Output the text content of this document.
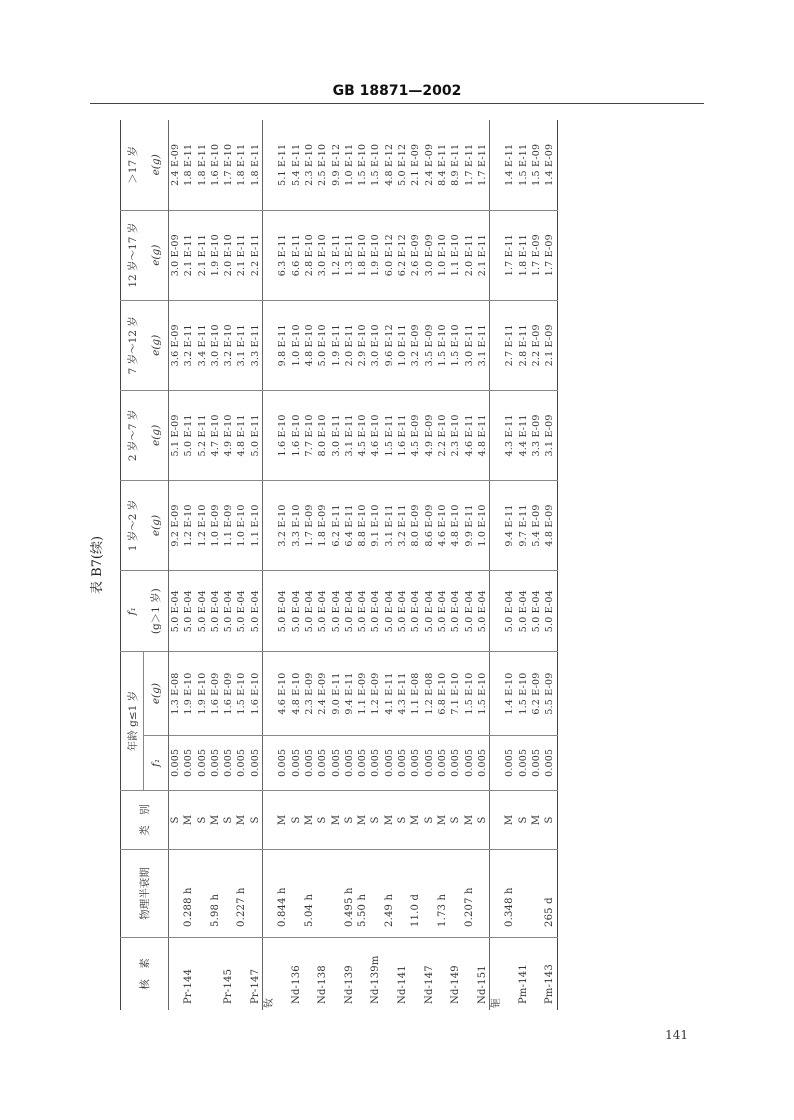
GB 18871—2002
表 B7(续)
核　素	物理半衰期	类　别	年龄 g≤1 岁		f₁	1 岁～2 岁	2 岁～7 岁	7 岁～12 岁	12 岁～17 岁	＞17 岁
			f₁	e(g)	(g＞1 岁)	e(g)	e(g)	e(g)	e(g)	e(g)
		S	0.005	1.3 E-08	5.0 E-04	9.2 E-09	5.1 E-09	3.6 E-09	3.0 E-09	2.4 E-09
Pr-144	0.288 h	M	0.005	1.9 E-10	5.0 E-04	1.2 E-10	5.0 E-11	3.2 E-11	2.1 E-11	1.8 E-11
		S	0.005	1.9 E-10	5.0 E-04	1.2 E-10	5.2 E-11	3.4 E-11	2.1 E-11	1.8 E-11
	5.98 h	M	0.005	1.6 E-09	5.0 E-04	1.0 E-09	4.7 E-10	3.0 E-10	1.9 E-10	1.6 E-10
Pr-145		S	0.005	1.6 E-09	5.0 E-04	1.1 E-09	4.9 E-10	3.2 E-10	2.0 E-10	1.7 E-10
	0.227 h	M	0.005	1.5 E-10	5.0 E-04	1.0 E-10	4.8 E-11	3.1 E-11	2.1 E-11	1.8 E-11
Pr-147		S	0.005	1.6 E-10	5.0 E-04	1.1 E-10	5.0 E-11	3.3 E-11	2.2 E-11	1.8 E-11
钕										
	0.844 h	M	0.005	4.6 E-10	5.0 E-04	3.2 E-10	1.6 E-10	9.8 E-11	6.3 E-11	5.1 E-11
Nd-136		S	0.005	4.8 E-10	5.0 E-04	3.3 E-10	1.6 E-10	1.0 E-10	6.6 E-11	5.4 E-11
	5.04 h	M	0.005	2.3 E-09	5.0 E-04	1.7 E-09	7.7 E-10	4.8 E-10	2.8 E-10	2.3 E-10
Nd-138		S	0.005	2.4 E-09	5.0 E-04	1.8 E-09	8.0 E-10	5.0 E-10	3.0 E-10	2.5 E-10
		M	0.005	9.0 E-11	5.0 E-04	6.2 E-11	3.0 E-11	1.9 E-11	1.2 E-11	9.9 E-12
Nd-139	0.495 h	S	0.005	9.4 E-11	5.0 E-04	6.4 E-11	3.1 E-11	2.0 E-11	1.3 E-11	1.0 E-11
	5.50 h	M	0.005	1.1 E-09	5.0 E-04	8.8 E-10	4.5 E-10	2.9 E-10	1.8 E-10	1.5 E-10
Nd-139m		S	0.005	1.2 E-09	5.0 E-04	9.1 E-10	4.6 E-10	3.0 E-10	1.9 E-10	1.5 E-10
	2.49 h	M	0.005	4.1 E-11	5.0 E-04	3.1 E-11	1.5 E-11	9.6 E-12	6.0 E-12	4.8 E-12
Nd-141		S	0.005	4.3 E-11	5.0 E-04	3.2 E-11	1.6 E-11	1.0 E-11	6.2 E-12	5.0 E-12
	11.0 d	M	0.005	1.1 E-08	5.0 E-04	8.0 E-09	4.5 E-09	3.2 E-09	2.6 E-09	2.1 E-09
Nd-147		S	0.005	1.2 E-08	5.0 E-04	8.6 E-09	4.9 E-09	3.5 E-09	3.0 E-09	2.4 E-09
	1.73 h	M	0.005	6.8 E-10	5.0 E-04	4.6 E-10	2.2 E-10	1.5 E-10	1.0 E-10	8.4 E-11
Nd-149		S	0.005	7.1 E-10	5.0 E-04	4.8 E-10	2.3 E-10	1.5 E-10	1.1 E-10	8.9 E-11
	0.207 h	M	0.005	1.5 E-10	5.0 E-04	9.9 E-11	4.6 E-11	3.0 E-11	2.0 E-11	1.7 E-11
Nd-151		S	0.005	1.5 E-10	5.0 E-04	1.0 E-10	4.8 E-11	3.1 E-11	2.1 E-11	1.7 E-11
钷										
	0.348 h	M	0.005	1.4 E-10	5.0 E-04	9.4 E-11	4.3 E-11	2.7 E-11	1.7 E-11	1.4 E-11
Pm-141		S	0.005	1.5 E-10	5.0 E-04	9.7 E-11	4.4 E-11	2.8 E-11	1.8 E-11	1.5 E-11
		M	0.005	6.2 E-09	5.0 E-04	5.4 E-09	3.3 E-09	2.2 E-09	1.7 E-09	1.5 E-09
Pm-143	265 d	S	0.005	5.5 E-09	5.0 E-04	4.8 E-09	3.1 E-09	2.1 E-09	1.7 E-09	1.4 E-09
141
